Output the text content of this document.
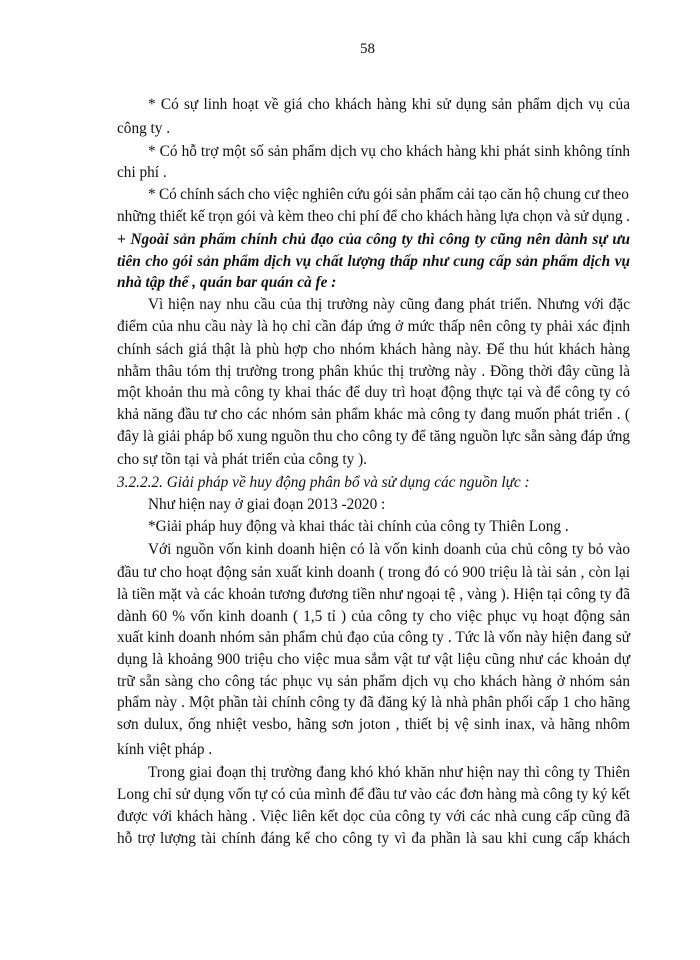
58
* Có sự linh hoạt về giá cho khách hàng khi sử dụng sản phẩm dịch vụ của
công ty .
* Có hỗ trợ một số sản phẩm dịch vụ cho khách hàng khi phát sinh không tính
chi phí .
* Có chính sách cho việc nghiên cứu gói sản phẩm cải tạo căn hộ chung cư theo
những thiết kế trọn gói và kèm theo chi phí để cho khách hàng lựa chọn và sử dụng .
+ Ngoài sản phẩm chính chủ đạo của công ty thì công ty cũng nên dành sự ưu
tiên cho gói sản phẩm dịch vụ chất lượng thấp như cung cấp sản phẩm dịch vụ
nhà tập thể , quán bar quán cà fe :
Vì hiện nay nhu cầu của thị trường này cũng đang phát triển. Nhưng với đặc
điểm của nhu cầu này là họ chỉ cần đáp ứng ở mức thấp nên công ty phải xác định
chính sách giá thật là phù hợp cho nhóm khách hàng này. Để thu hút khách hàng
nhằm thâu tóm thị trường trong phân khúc thị trường này . Đồng thời đây cũng là
một khoản thu mà công ty khai thác để duy trì hoạt động thực tại và để công ty có
khả năng đầu tư cho các nhóm sản phẩm khác mà công ty đang muốn phát triển . (
đây là giải pháp bổ xung nguồn thu cho công ty để tăng nguồn lực sẵn sàng đáp ứng
cho sự tồn tại và phát triển của công ty ).
3.2.2.2. Giải pháp về huy động phân bổ và sử dụng các nguồn lực :
Như hiện nay ở giai đoạn 2013 -2020 :
*Giải pháp huy động và khai thác tài chính của công ty Thiên Long .
Với nguồn vốn kinh doanh hiện có là vốn kinh doanh của chủ công ty bỏ vào
đầu tư cho hoạt động sản xuất kinh doanh ( trong đó có 900 triệu là tài sản , còn lại
là tiền mặt và các khoản tương đương tiền như ngoại tệ , vàng ). Hiện tại công ty đã
dành 60 % vốn kinh doanh ( 1,5 tỉ ) của công ty cho việc phục vụ hoạt động sản
xuất kinh doanh nhóm sản phẩm chủ đạo của công ty . Tức là vốn này hiện đang sử
dụng là khoảng 900 triệu cho việc mua sắm vật tư vật liệu cũng như các khoản dự
trữ sẵn sàng cho công tác phục vụ sản phẩm dịch vụ cho khách hàng ở nhóm sản
phẩm này . Một phần tài chính công ty đã đăng ký là nhà phân phối cấp 1 cho hãng
sơn dulux, ống nhiệt vesbo, hãng sơn joton , thiết bị vệ sinh inax, và hãng nhôm
kính việt pháp .
Trong giai đoạn thị trường đang khó khó khăn như hiện nay thì công ty Thiên
Long chỉ sử dụng vốn tự có của mình để đầu tư vào các đơn hàng mà công ty ký kết
được với khách hàng . Việc liên kết dọc của công ty với các nhà cung cấp cũng đã
hỗ trợ lượng tài chính đáng kể cho công ty vì đa phần là sau khi cung cấp khách
